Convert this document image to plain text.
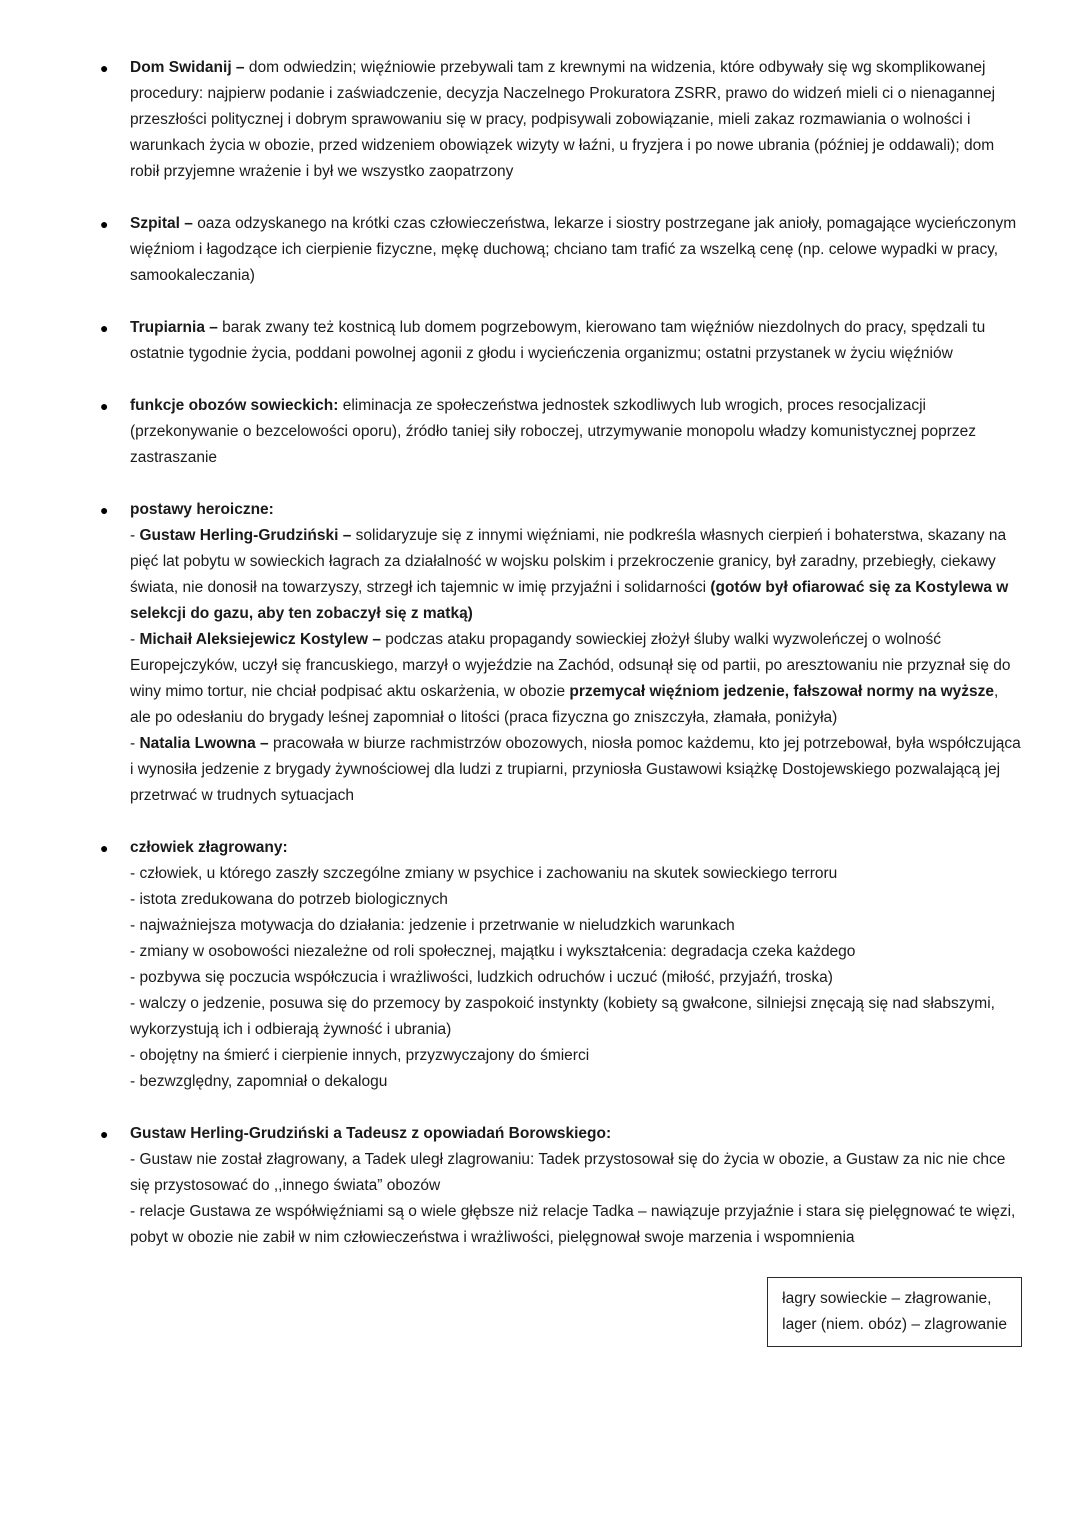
●	Dom Swidanij – dom odwiedzin; więźniowie przebywali tam z krewnymi na widzenia, które odbywały się wg skomplikowanej procedury: najpierw podanie i zaświadczenie, decyzja Naczelnego Prokuratora ZSRR, prawo do widzeń mieli ci o nienagannej przeszłości politycznej i dobrym sprawowaniu się w pracy, podpisywali zobowiązanie, mieli zakaz rozmawiania o wolności i warunkach życia w obozie, przed widzeniem obowiązek wizyty w łaźni, u fryzjera i po nowe ubrania (później je oddawali); dom robił przyjemne wrażenie i był we wszystko zaopatrzony
●	Szpital – oaza odzyskanego na krótki czas człowieczeństwa, lekarze i siostry postrzegane jak anioły, pomagające wycieńczonym więźniom i łagodzące ich cierpienie fizyczne, mękę duchową; chciano tam trafić za wszelką cenę (np. celowe wypadki w pracy, samookaleczania)
●	Trupiarnia – barak zwany też kostnicą lub domem pogrzebowym, kierowano tam więźniów niezdolnych do pracy, spędzali tu ostatnie tygodnie życia, poddani powolnej agonii z głodu i wycieńczenia organizmu; ostatni przystanek w życiu więźniów
●	funkcje obozów sowieckich: eliminacja ze społeczeństwa jednostek szkodliwych lub wrogich, proces resocjalizacji (przekonywanie o bezcelowości oporu), źródło taniej siły roboczej, utrzymywanie monopolu władzy komunistycznej poprzez zastraszanie
●	postawy heroiczne:
- Gustaw Herling-Grudziński – solidaryzuje się z innymi więźniami, nie podkreśla własnych cierpień i bohaterstwa, skazany na pięć lat pobytu w sowieckich łagrach za działalność w wojsku polskim i przekroczenie granicy, był zaradny, przebiegły, ciekawy świata, nie donosił na towarzyszy, strzegł ich tajemnic w imię przyjaźni i solidarności (gotów był ofiarować się za Kostylewa w selekcji do gazu, aby ten zobaczył się z matką)
- Michaił Aleksiejewicz Kostylew – podczas ataku propagandy sowieckiej złożył śluby walki wyzwoleńczej o wolność Europejczyków, uczył się francuskiego, marzył o wyjeździe na Zachód, odsunął się od partii, po aresztowaniu nie przyznał się do winy mimo tortur, nie chciał podpisać aktu oskarżenia, w obozie przemycał więźniom jedzenie, fałszował normy na wyższe, ale po odesłaniu do brygady leśnej zapomniał o litości (praca fizyczna go zniszczyła, złamała, poniżyła)
- Natalia Lwowna – pracowała w biurze rachmistrzów obozowych, niosła pomoc każdemu, kto jej potrzebował, była współczująca i wynosiła jedzenie z brygady żywnościowej dla ludzi z trupiarni, przyniosła Gustawowi książkę Dostojewskiego pozwalającą jej przetrwać w trudnych sytuacjach
●	człowiek złagrowany:
- człowiek, u którego zaszły szczególne zmiany w psychice i zachowaniu na skutek sowieckiego terroru
- istota zredukowana do potrzeb biologicznych
- najważniejsza motywacja do działania: jedzenie i przetrwanie w nieludzkich warunkach
- zmiany w osobowości niezależne od roli społecznej, majątku i wykształcenia: degradacja czeka każdego
- pozbywa się poczucia współczucia i wrażliwości, ludzkich odruchów i uczuć (miłość, przyjaźń, troska)
- walczy o jedzenie, posuwa się do przemocy by zaspokoić instynkty (kobiety są gwałcone, silniejsi znęcają się nad słabszymi, wykorzystują ich i odbierają żywność i ubrania)
- obojętny na śmierć i cierpienie innych, przyzwyczajony do śmierci
- bezwzględny, zapomniał o dekalogu
●	Gustaw Herling-Grudziński a Tadeusz z opowiadań Borowskiego:
- Gustaw nie został złagrowany, a Tadek uległ zlagrowaniu: Tadek przystosował się do życia w obozie, a Gustaw za nic nie chce się przystosować do ,,innego świata” obozów
- relacje Gustawa ze współwięźniami są o wiele głębsze niż relacje Tadka – nawiązuje przyjaźnie i stara się pielęgnować te więzi, pobyt w obozie nie zabił w nim człowieczeństwa i wrażliwości, pielęgnował swoje marzenia i wspomnienia
łagry sowieckie – złagrowanie,
lager (niem. obóz) – zlagrowanie
